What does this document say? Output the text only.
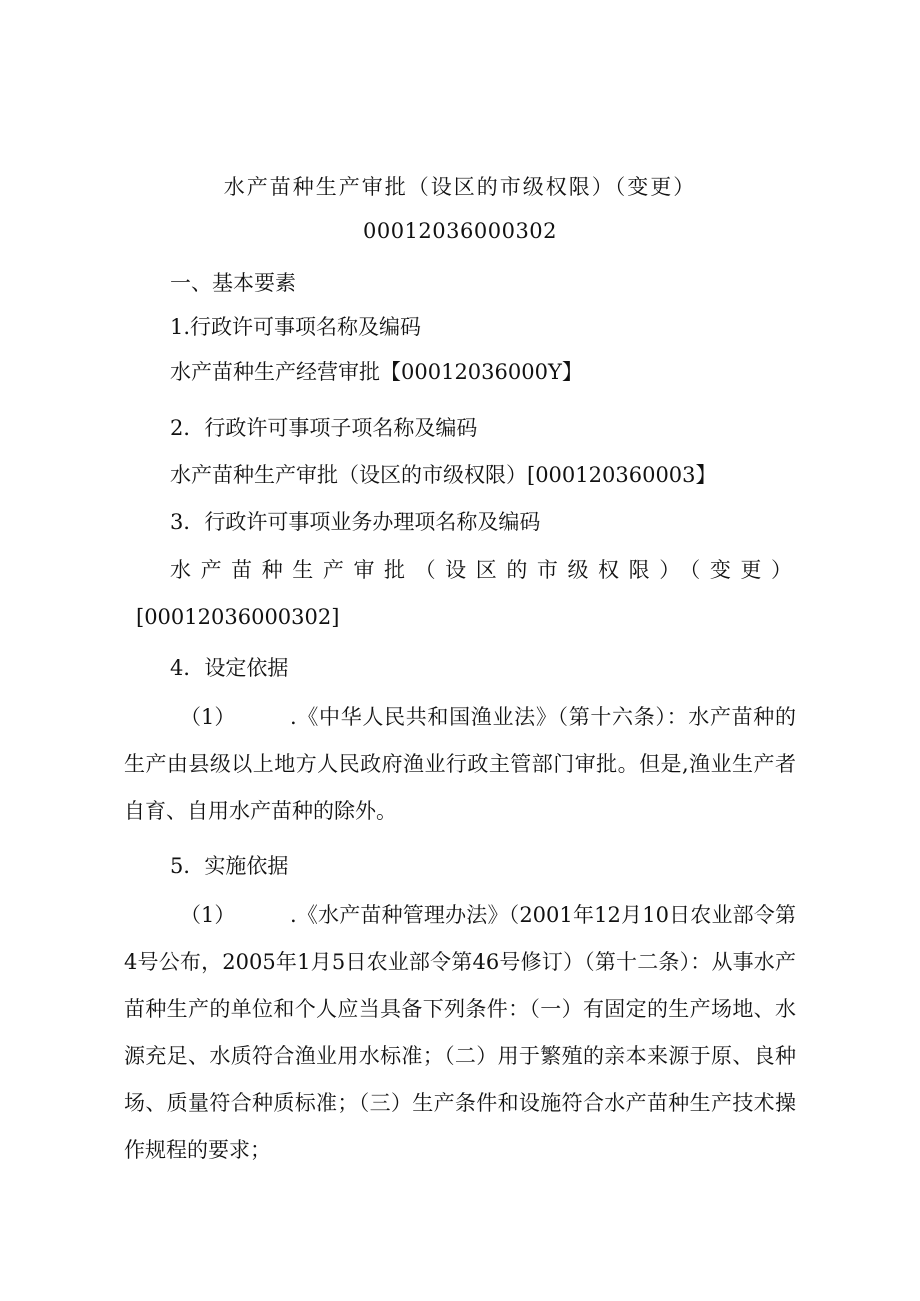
水产苗种生产审批（设区的市级权限）（变更）
00012036000302
一、基本要素
1.行政许可事项名称及编码
水产苗种生产经营审批【00012036000Y】
2．行政许可事项子项名称及编码
水产苗种生产审批（设区的市级权限）[000120360003】
3．行政许可事项业务办理项名称及编码
水产苗种生产审批（设区的市级权限）（变更）
[00012036000302]
4．设定依据
（1）	.《中华人民共和国渔业法》（第十六条）：水产苗种的生产由县级以上地方人民政府渔业行政主管部门审批。但是,渔业生产者自育、自用水产苗种的除外。
5．实施依据
（1）	.《水产苗种管理办法》（2001年12月10日农业部令第4号公布，2005年1月5日农业部令第46号修订）（第十二条）：从事水产苗种生产的单位和个人应当具备下列条件：（一）有固定的生产场地、水源充足、水质符合渔业用水标准；（二）用于繁殖的亲本来源于原、良种场、质量符合种质标准；（三）生产条件和设施符合水产苗种生产技术操作规程的要求；
